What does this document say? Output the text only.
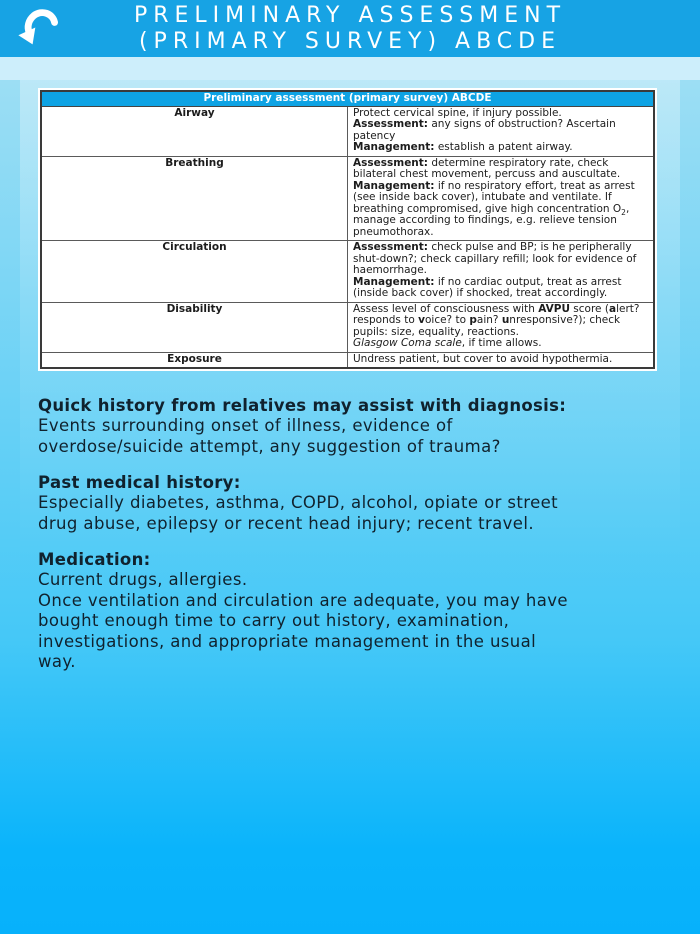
PRELIMINARY ASSESSMENT
(PRIMARY SURVEY) ABCDE
Preliminary assessment (primary survey) ABCDE	
Airway	Protect cervical spine, if injury possible.
Assessment: any signs of obstruction? Ascertain patency
Management: establish a patent airway.

Breathing	Assessment: determine respiratory rate, check bilateral chest movement, percuss and auscultate.
Management: if no respiratory effort, treat as arrest (see inside back cover), intubate and ventilate. If breathing compromised, give high concentration $O_2$, manage according to findings, e.g. relieve tension pneumothorax.

Circulation	Assessment: check pulse and BP; is he peripherally shut-down?; check capillary refill; look for evidence of haemorrhage.
Management: if no cardiac output, treat as arrest (inside back cover) if shocked, treat accordingly.

Disability	Assess level of consciousness with AVPU score (alert? responds to voice? to pain? unresponsive?); check pupils: size, equality, reactions.
Glasgow Coma scale, if time allows.

Exposure	Undress patient, but cover to avoid hypothermia.
Quick history from relatives may assist with diagnosis:
Events surrounding onset of illness, evidence of
overdose/suicide attempt, any suggestion of trauma?
Past medical history:
Especially diabetes, asthma, COPD, alcohol, opiate or street
drug abuse, epilepsy or recent head injury; recent travel.
Medication:
Current drugs, allergies.
Once ventilation and circulation are adequate, you may have
bought enough time to carry out history, examination,
investigations, and appropriate management in the usual
way.
